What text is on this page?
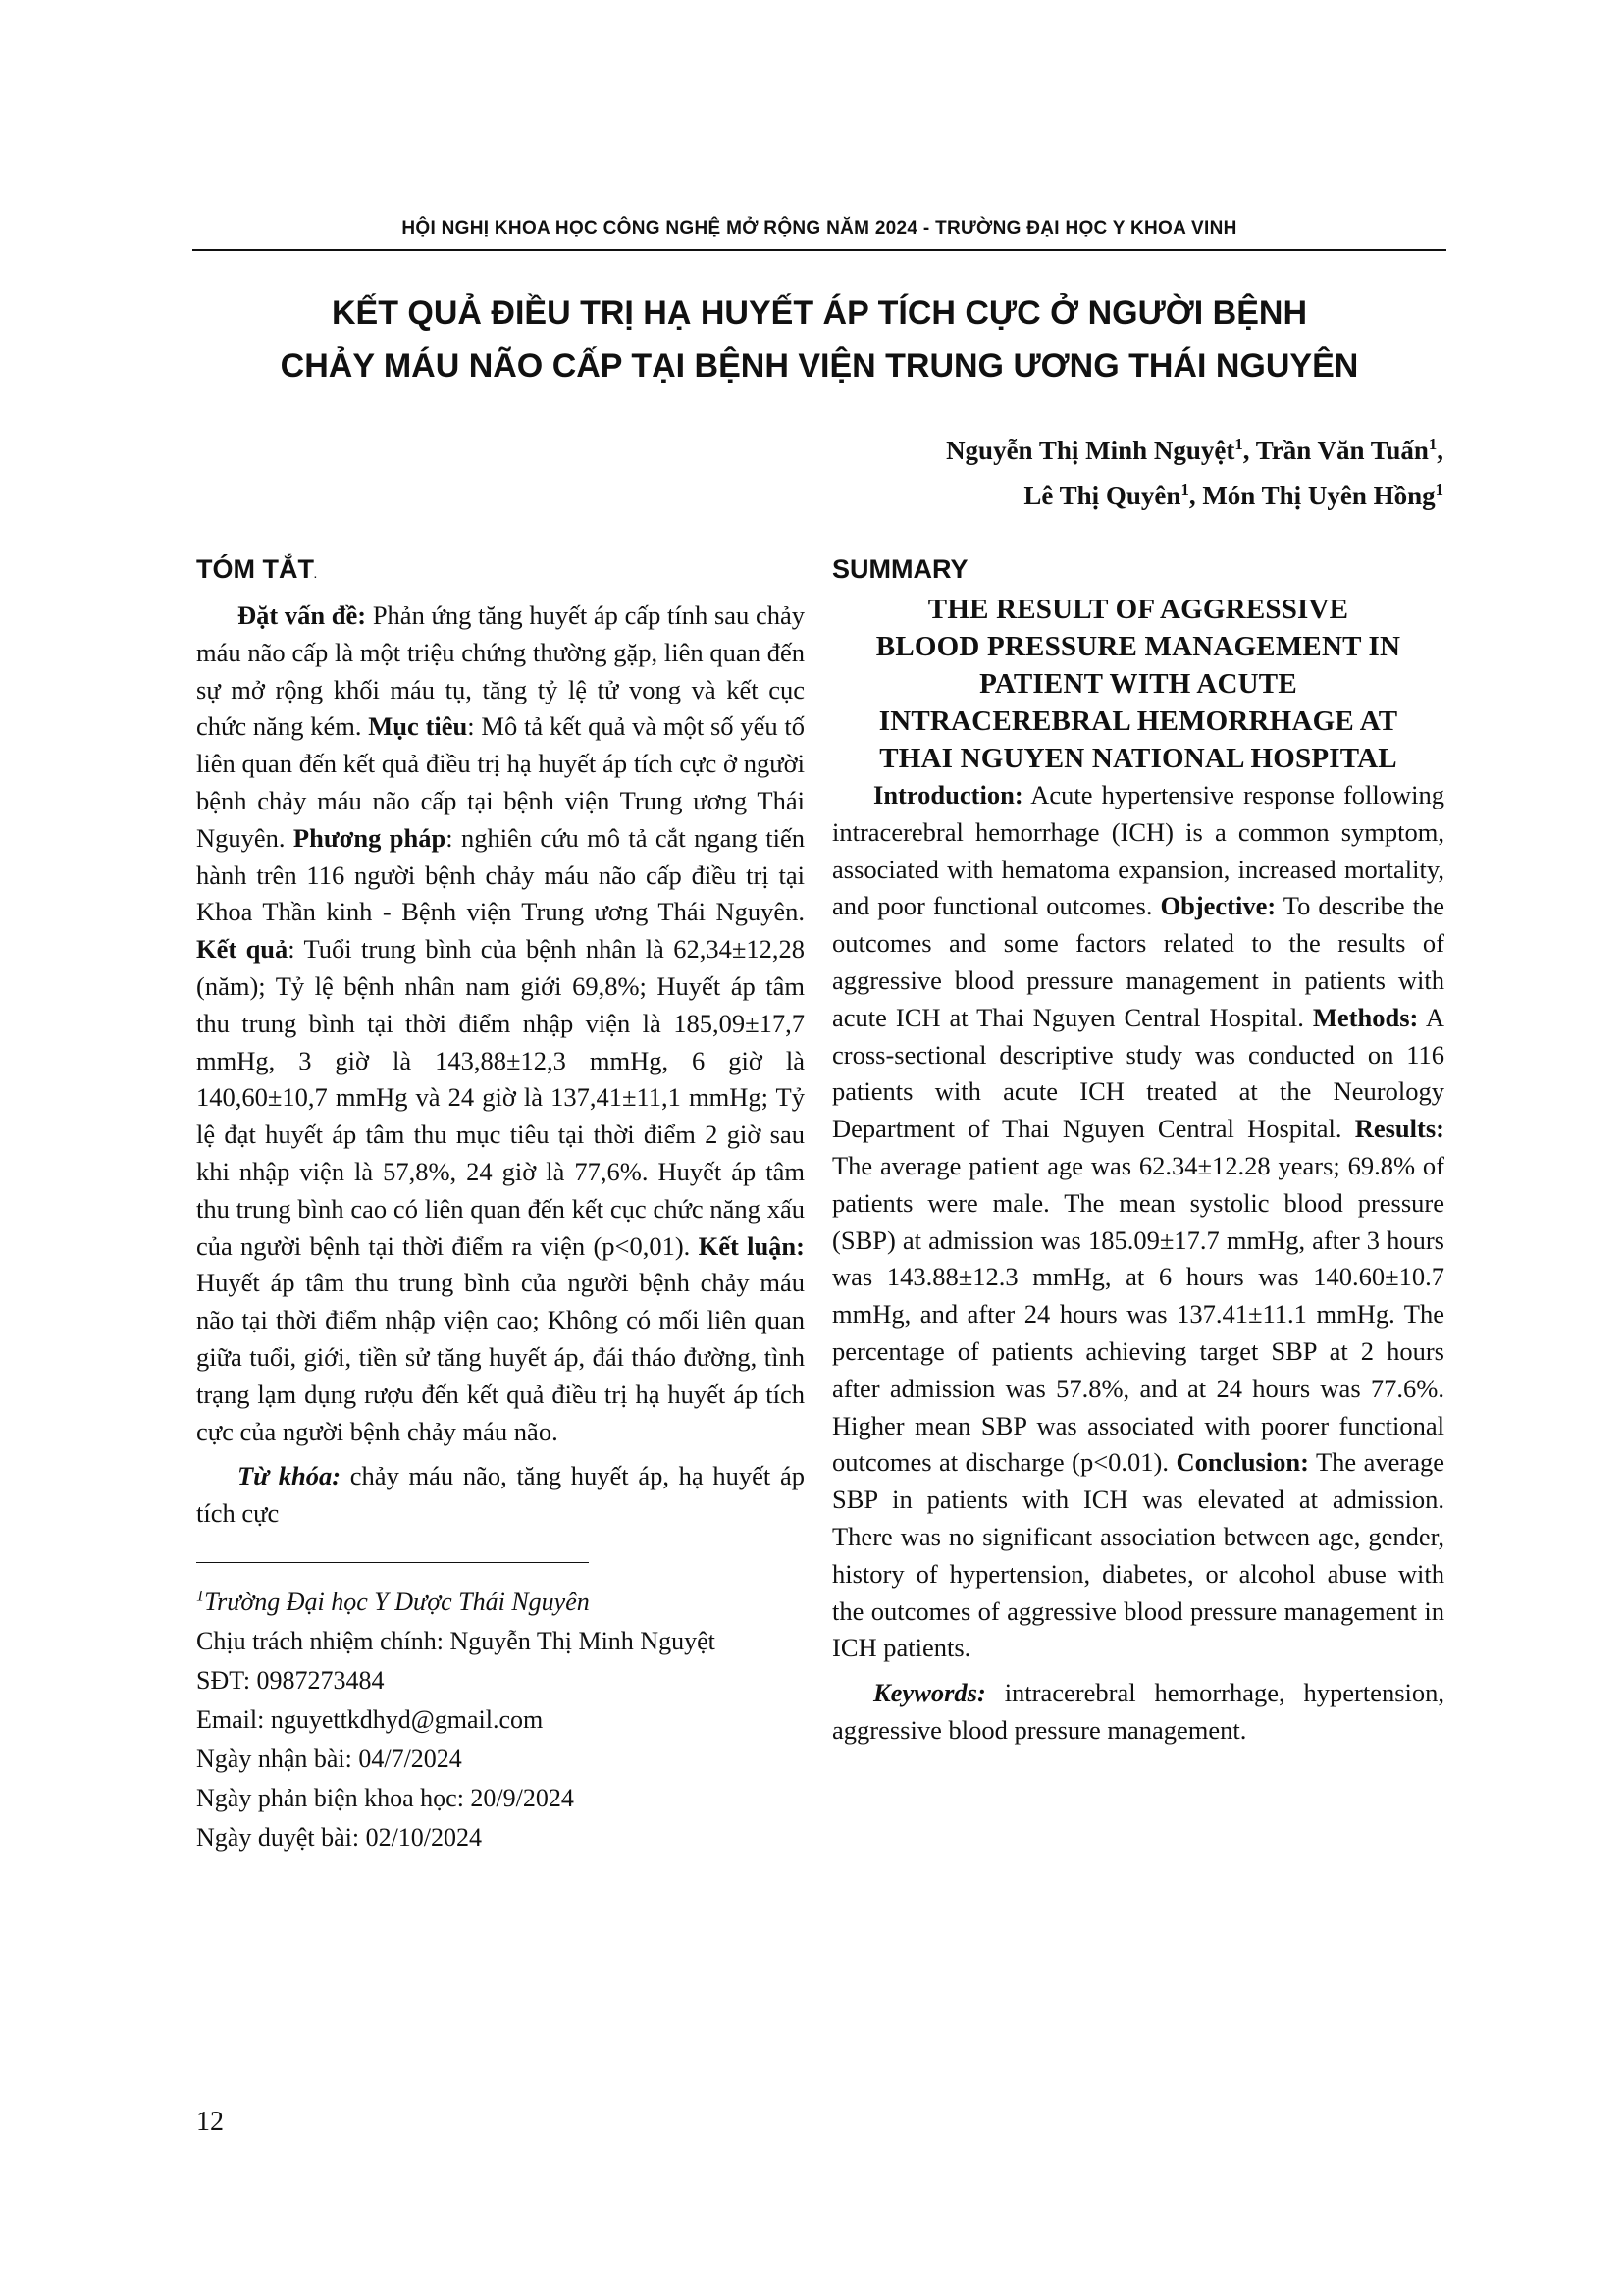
HỘI NGHỊ KHOA HỌC CÔNG NGHỆ MỞ RỘNG NĂM 2024 - TRƯỜNG ĐẠI HỌC Y KHOA VINH
KẾT QUẢ ĐIỀU TRỊ HẠ HUYẾT ÁP TÍCH CỰC Ở NGƯỜI BỆNH
CHẢY MÁU NÃO CẤP TẠI BỆNH VIỆN TRUNG ƯƠNG THÁI NGUYÊN
Nguyễn Thị Minh Nguyệt$^1$, Trần Văn Tuấn$^1$,
Lê Thị Quyên$^1$, Món Thị Uyên Hồng$^1$
TÓM TẮT.

Đặt vấn đề: Phản ứng tăng huyết áp cấp tính sau chảy máu não cấp là một triệu chứng thường gặp, liên quan đến sự mở rộng khối máu tụ, tăng tỷ lệ tử vong và kết cục chức năng kém. Mục tiêu: Mô tả kết quả và một số yếu tố liên quan đến kết quả điều trị hạ huyết áp tích cực ở người bệnh chảy máu não cấp tại bệnh viện Trung ương Thái Nguyên. Phương pháp: nghiên cứu mô tả cắt ngang tiến hành trên 116 người bệnh chảy máu não cấp điều trị tại Khoa Thần kinh - Bệnh viện Trung ương Thái Nguyên. Kết quả: Tuổi trung bình của bệnh nhân là 62,34±12,28 (năm); Tỷ lệ bệnh nhân nam giới 69,8%; Huyết áp tâm thu trung bình tại thời điểm nhập viện là 185,09±17,7 mmHg, 3 giờ là 143,88±12,3 mmHg, 6 giờ là 140,60±10,7 mmHg và 24 giờ là 137,41±11,1 mmHg; Tỷ lệ đạt huyết áp tâm thu mục tiêu tại thời điểm 2 giờ sau khi nhập viện là 57,8%, 24 giờ là 77,6%. Huyết áp tâm thu trung bình cao có liên quan đến kết cục chức năng xấu của người bệnh tại thời điểm ra viện (p<0,01). Kết luận: Huyết áp tâm thu trung bình của người bệnh chảy máu não tại thời điểm nhập viện cao; Không có mối liên quan giữa tuổi, giới, tiền sử tăng huyết áp, đái tháo đường, tình trạng lạm dụng rượu đến kết quả điều trị hạ huyết áp tích cực của người bệnh chảy máu não.

Từ khóa: chảy máu não, tăng huyết áp, hạ huyết áp tích cực

$^1$Trường Đại học Y Dược Thái Nguyên
Chịu trách nhiệm chính: Nguyễn Thị Minh Nguyệt
SĐT: 0987273484
Email: nguyettkdhyd@gmail.com
Ngày nhận bài: 04/7/2024
Ngày phản biện khoa học: 20/9/2024
Ngày duyệt bài: 02/10/2024
SUMMARY
THE RESULT OF AGGRESSIVE
BLOOD PRESSURE MANAGEMENT IN
PATIENT WITH ACUTE
INTRACEREBRAL HEMORRHAGE AT
THAI NGUYEN NATIONAL HOSPITAL

Introduction: Acute hypertensive response following intracerebral hemorrhage (ICH) is a common symptom, associated with hematoma expansion, increased mortality, and poor functional outcomes. Objective: To describe the outcomes and some factors related to the results of aggressive blood pressure management in patients with acute ICH at Thai Nguyen Central Hospital. Methods: A cross-sectional descriptive study was conducted on 116 patients with acute ICH treated at the Neurology Department of Thai Nguyen Central Hospital. Results: The average patient age was 62.34±12.28 years; 69.8% of patients were male. The mean systolic blood pressure (SBP) at admission was 185.09±17.7 mmHg, after 3 hours was 143.88±12.3 mmHg, at 6 hours was 140.60±10.7 mmHg, and after 24 hours was 137.41±11.1 mmHg. The percentage of patients achieving target SBP at 2 hours after admission was 57.8%, and at 24 hours was 77.6%. Higher mean SBP was associated with poorer functional outcomes at discharge (p<0.01). Conclusion: The average SBP in patients with ICH was elevated at admission. There was no significant association between age, gender, history of hypertension, diabetes, or alcohol abuse with the outcomes of aggressive blood pressure management in ICH patients.

Keywords: intracerebral hemorrhage, hypertension, aggressive blood pressure management.

12
